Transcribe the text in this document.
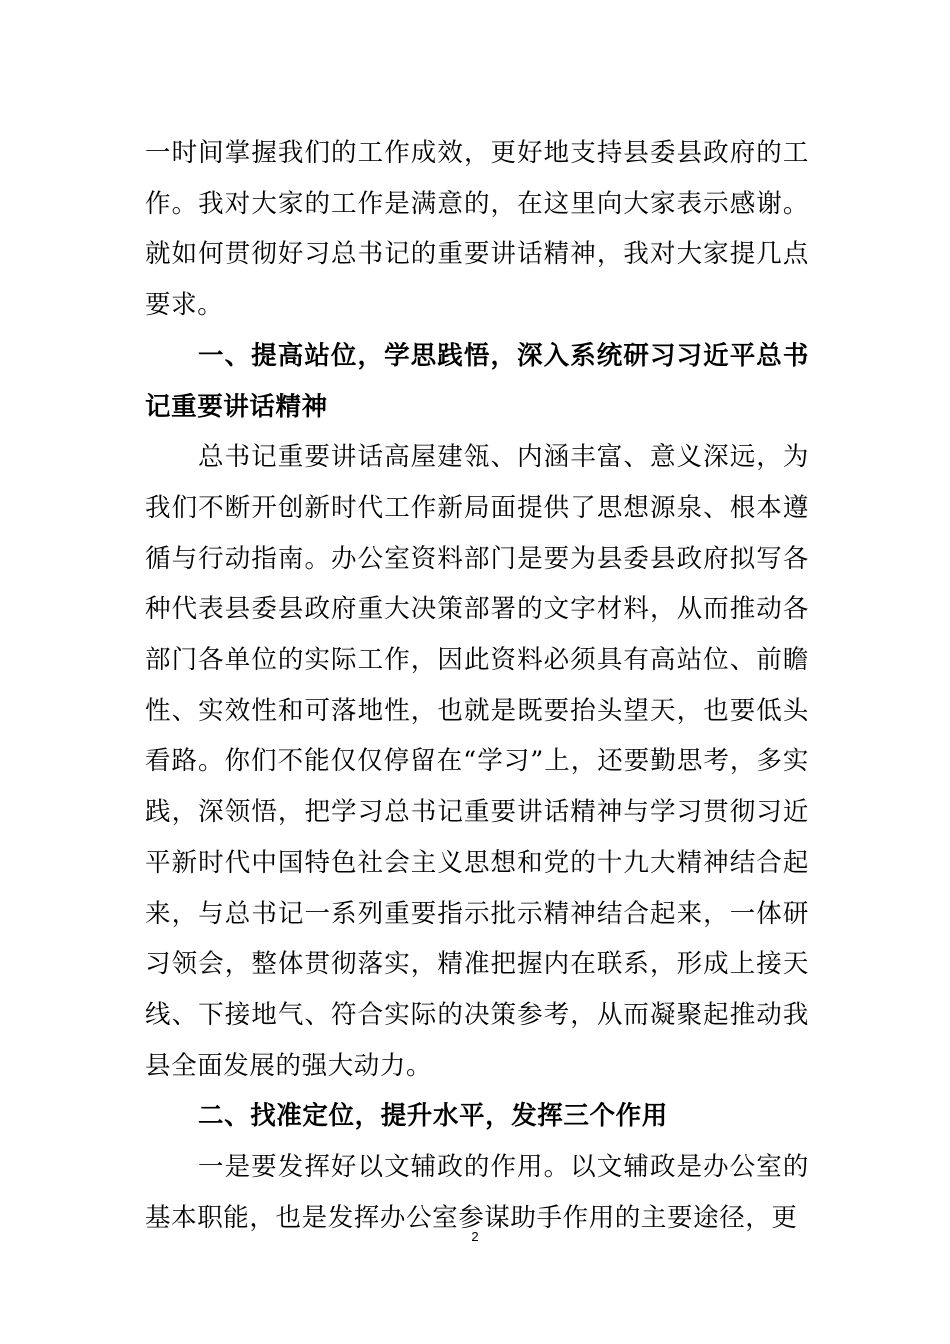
一时间掌握我们的工作成效，更好地支持县委县政府的工作。我对大家的工作是满意的，在这里向大家表示感谢。就如何贯彻好习总书记的重要讲话精神，我对大家提几点要求。

一、提高站位，学思践悟，深入系统研习习近平总书记重要讲话精神

总书记重要讲话高屋建瓴、内涵丰富、意义深远，为我们不断开创新时代工作新局面提供了思想源泉、根本遵循与行动指南。办公室资料部门是要为县委县政府拟写各种代表县委县政府重大决策部署的文字材料，从而推动各部门各单位的实际工作，因此资料必须具有高站位、前瞻性、实效性和可落地性，也就是既要抬头望天，也要低头看路。你们不能仅仅停留在“学习”上，还要勤思考，多实践，深领悟，把学习总书记重要讲话精神与学习贯彻习近平新时代中国特色社会主义思想和党的十九大精神结合起来，与总书记一系列重要指示批示精神结合起来，一体研习领会，整体贯彻落实，精准把握内在联系，形成上接天线、下接地气、符合实际的决策参考，从而凝聚起推动我县全面发展的强大动力。

二、找准定位，提升水平，发挥三个作用

一是要发挥好以文辅政的作用。以文辅政是办公室的基本职能，也是发挥办公室参谋助手作用的主要途径，更

2
